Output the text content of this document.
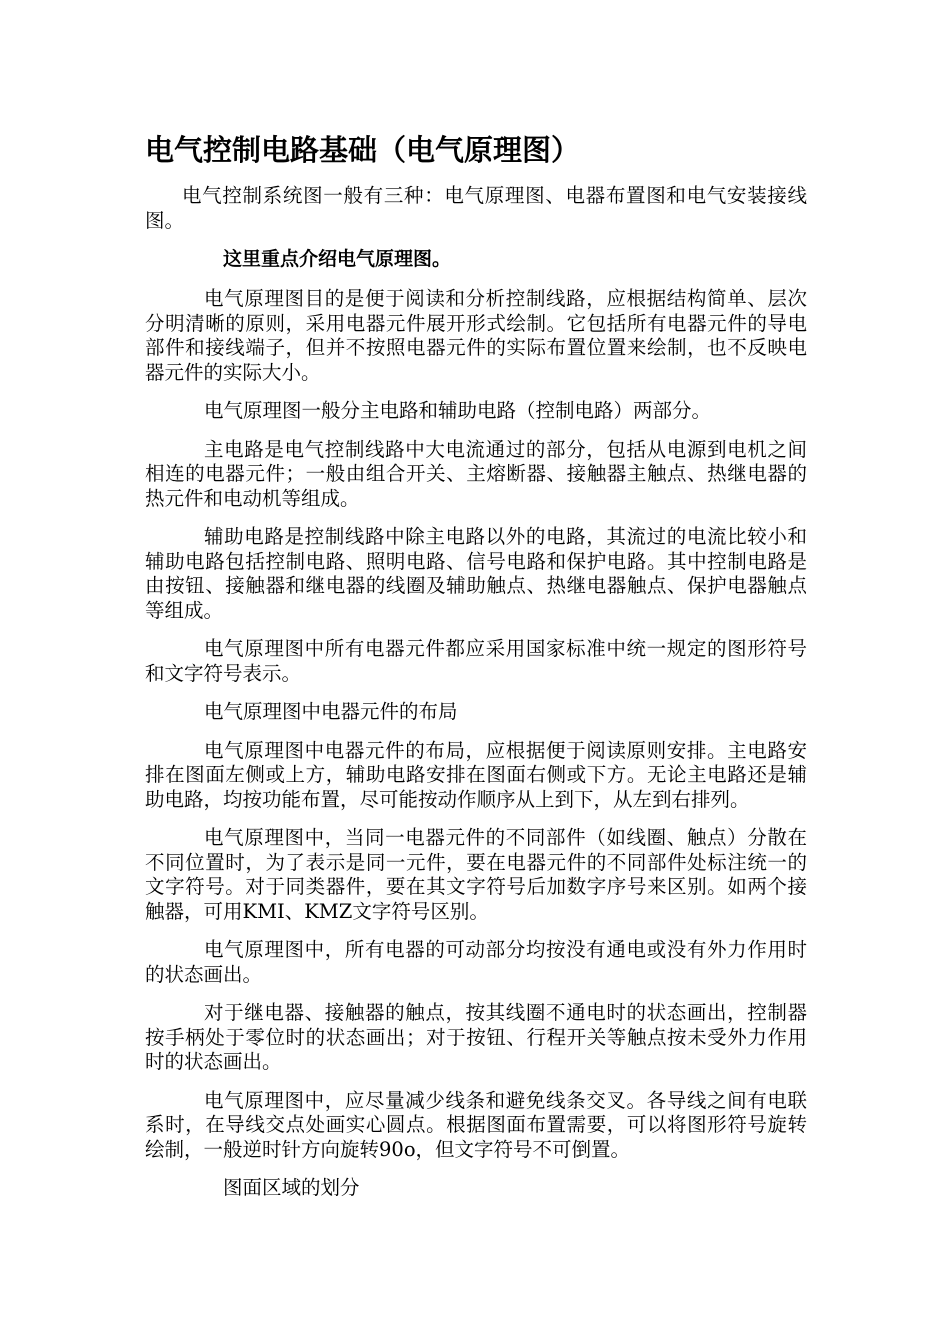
电气控制电路基础（电气原理图）

电气控制系统图一般有三种：电气原理图、电器布置图和电气安装接线图。

这里重点介绍电气原理图。

电气原理图目的是便于阅读和分析控制线路，应根据结构简单、层次分明清晰的原则，采用电器元件展开形式绘制。它包括所有电器元件的导电部件和接线端子，但并不按照电器元件的实际布置位置来绘制，也不反映电器元件的实际大小。

电气原理图一般分主电路和辅助电路（控制电路）两部分。

主电路是电气控制线路中大电流通过的部分，包括从电源到电机之间相连的电器元件；一般由组合开关、主熔断器、接触器主触点、热继电器的热元件和电动机等组成。

辅助电路是控制线路中除主电路以外的电路，其流过的电流比较小和辅助电路包括控制电路、照明电路、信号电路和保护电路。其中控制电路是由按钮、接触器和继电器的线圈及辅助触点、热继电器触点、保护电器触点等组成。

电气原理图中所有电器元件都应采用国家标准中统一规定的图形符号和文字符号表示。

电气原理图中电器元件的布局

电气原理图中电器元件的布局，应根据便于阅读原则安排。主电路安排在图面左侧或上方，辅助电路安排在图面右侧或下方。无论主电路还是辅助电路，均按功能布置，尽可能按动作顺序从上到下，从左到右排列。

电气原理图中，当同一电器元件的不同部件（如线圈、触点）分散在不同位置时，为了表示是同一元件，要在电器元件的不同部件处标注统一的文字符号。对于同类器件，要在其文字符号后加数字序号来区别。如两个接触器，可用KMI、KMZ文字符号区别。

电气原理图中，所有电器的可动部分均按没有通电或没有外力作用时的状态画出。

对于继电器、接触器的触点，按其线圈不通电时的状态画出，控制器按手柄处于零位时的状态画出；对于按钮、行程开关等触点按未受外力作用时的状态画出。

电气原理图中，应尽量减少线条和避免线条交叉。各导线之间有电联系时，在导线交点处画实心圆点。根据图面布置需要，可以将图形符号旋转绘制，一般逆时针方向旋转90o，但文字符号不可倒置。

图面区域的划分
